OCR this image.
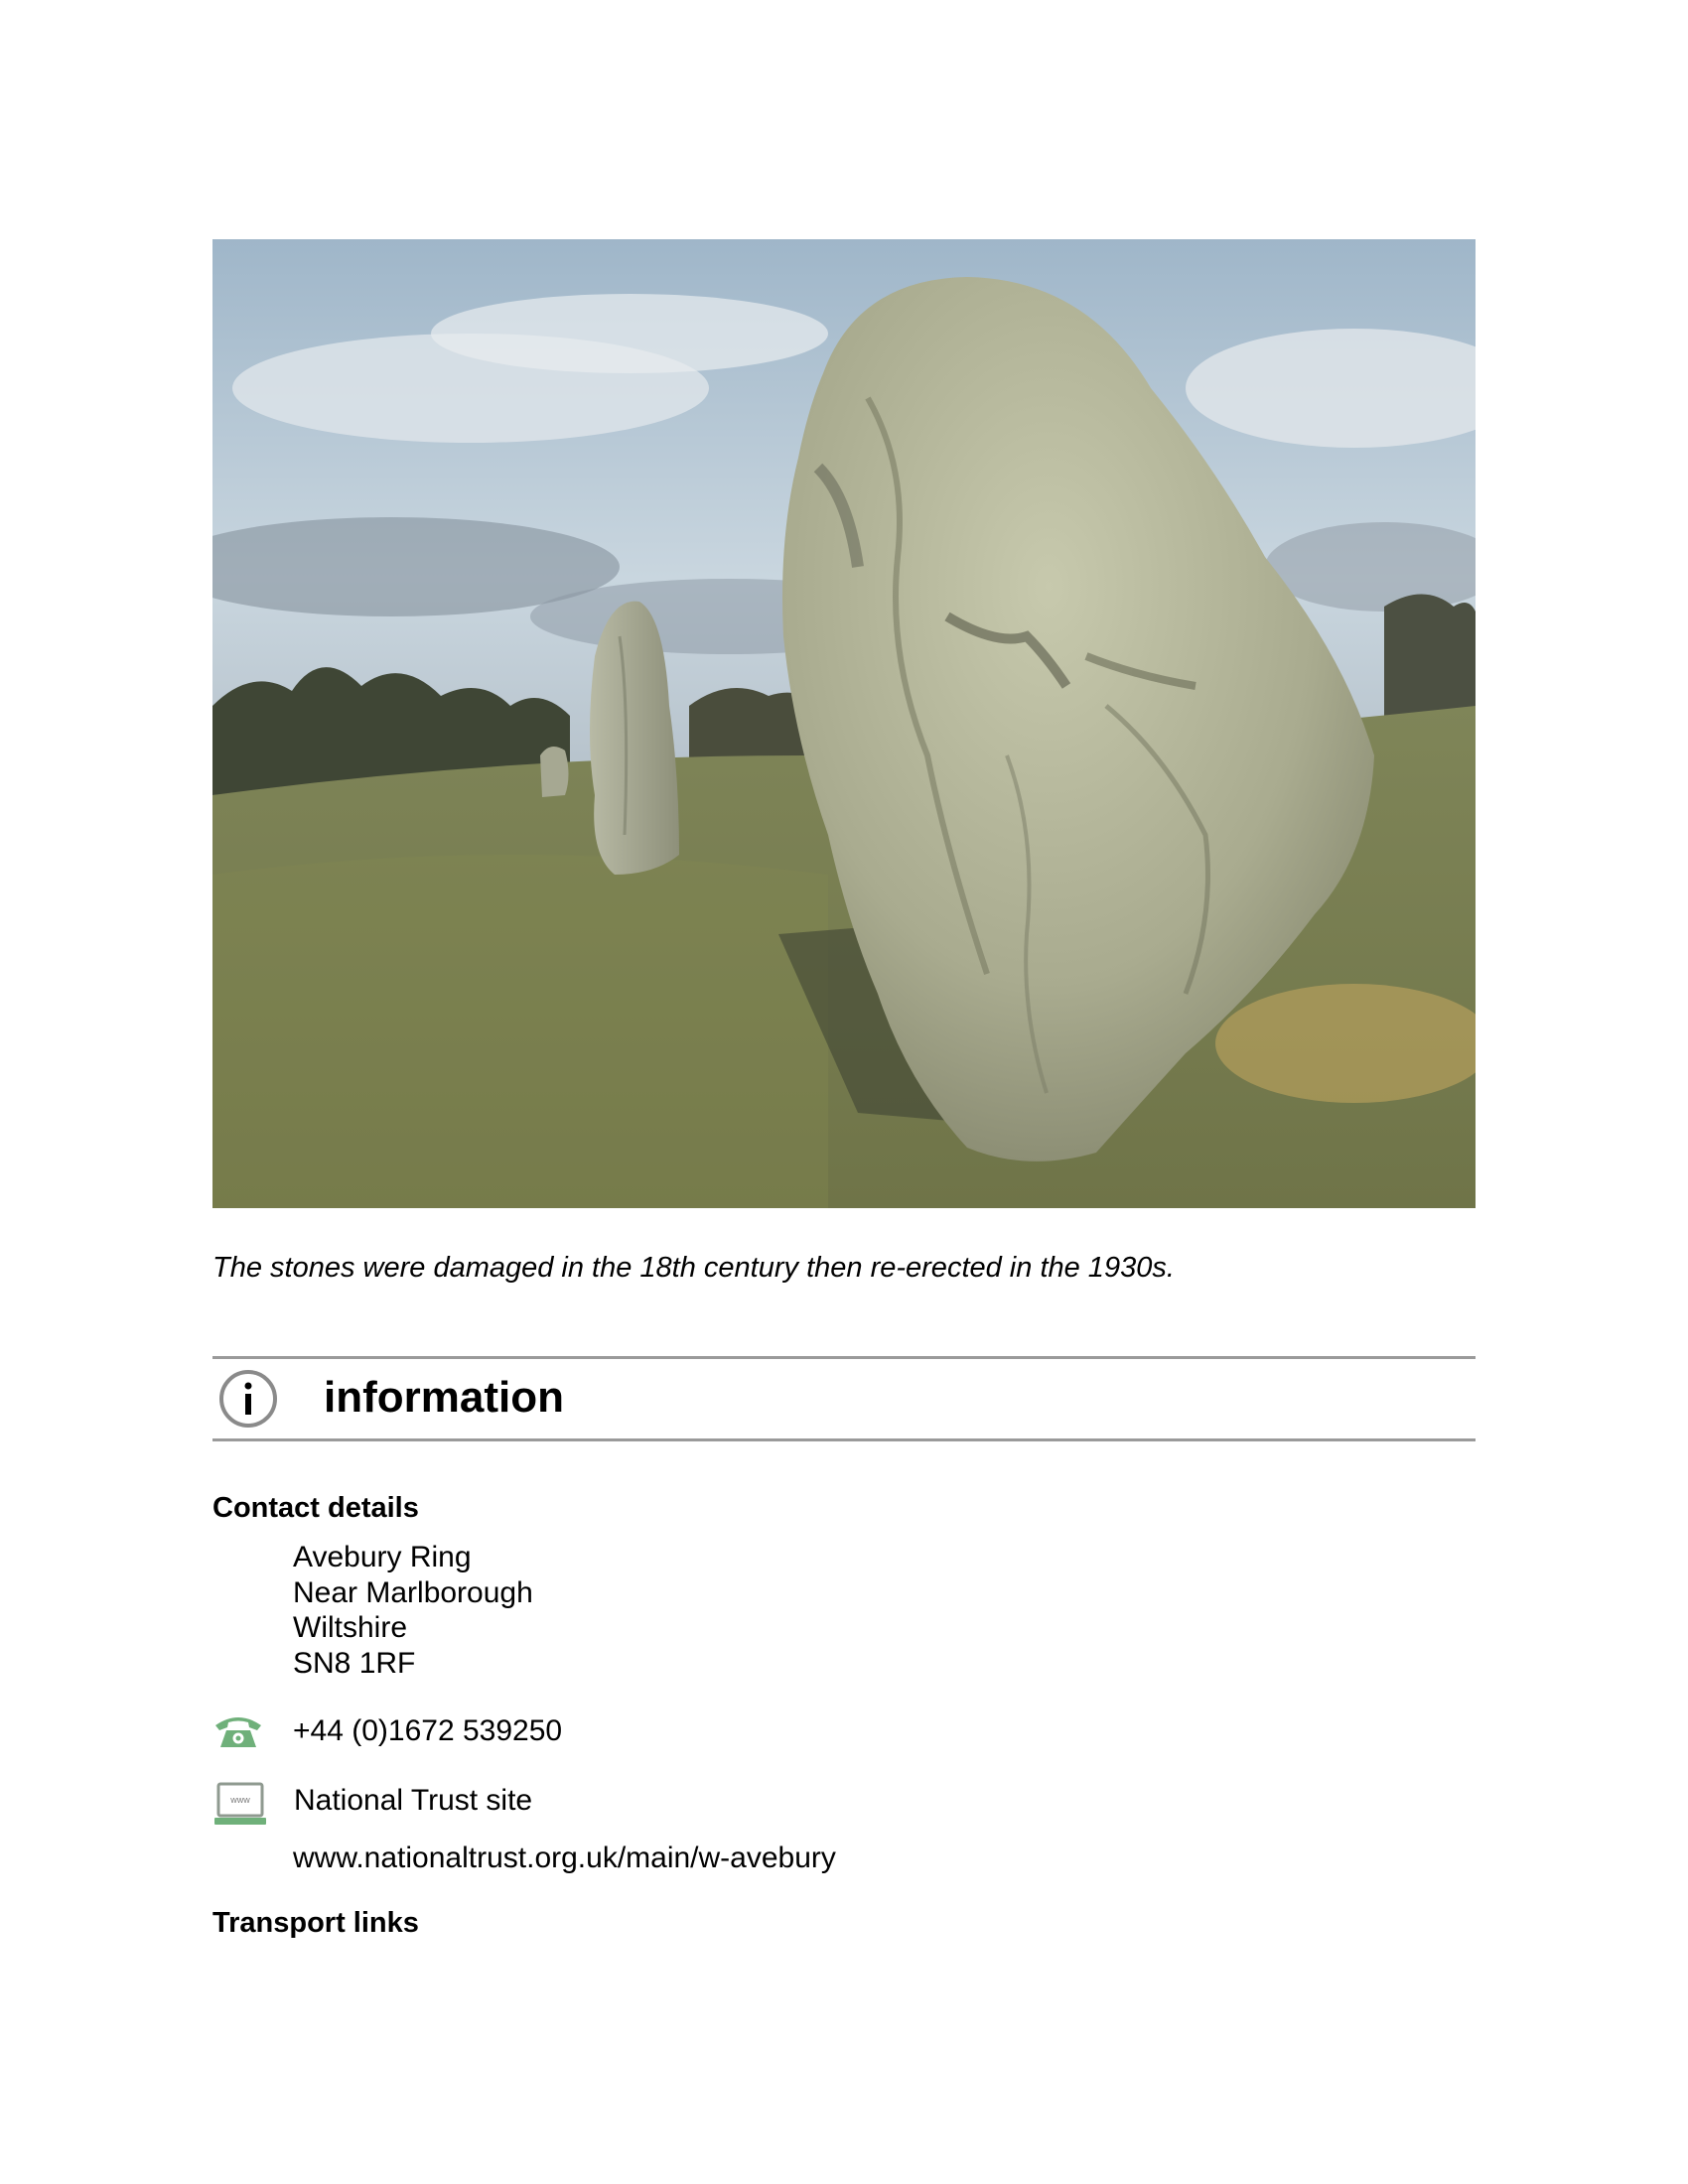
The stones were damaged in the 18th century then re-erected in the 1930s.
information
Contact details
Avebury Ring
Near Marlborough
Wiltshire
SN8 1RF
+44 (0)1672 539250
www National Trust site
www.nationaltrust.org.uk/main/w-avebury
Transport links
